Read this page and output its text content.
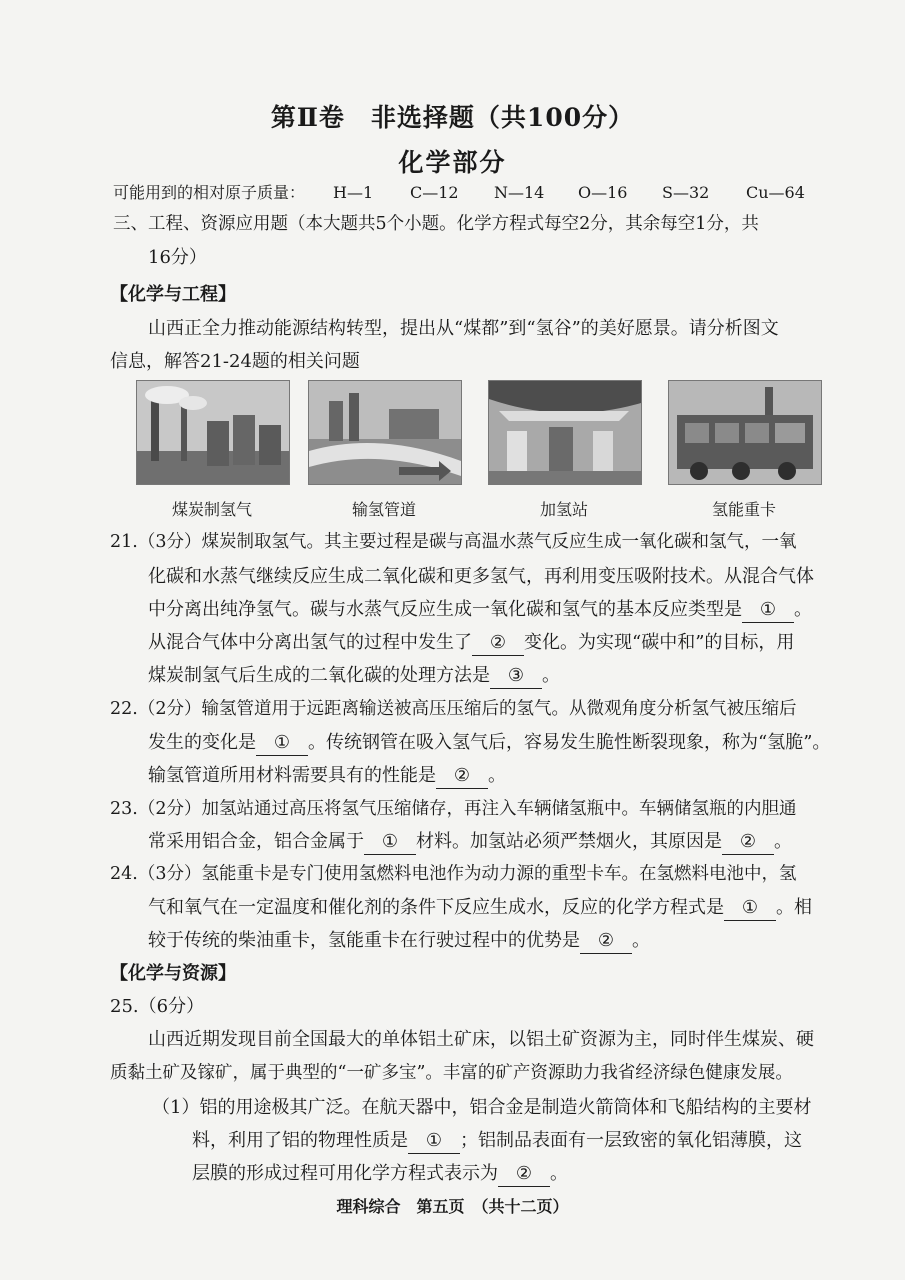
第Ⅱ卷　非选择题（共100分）
化学部分
可能用到的相对原子质量： H—1 C—12 N—14 O—16 S—32 Cu—64
三、工程、资源应用题（本大题共5个小题。化学方程式每空2分，其余每空1分，共
16分）
【化学与工程】
山西正全力推动能源结构转型，提出从“煤都”到“氢谷”的美好愿景。请分析图文
信息，解答21-24题的相关问题
煤炭制氢气	输氢管道	加氢站	氢能重卡
21.（3分）煤炭制取氢气。其主要过程是碳与高温水蒸气反应生成一氧化碳和氢气，一氧
化碳和水蒸气继续反应生成二氧化碳和更多氢气，再利用变压吸附技术。从混合气体
中分离出纯净氢气。碳与水蒸气反应生成一氧化碳和氢气的基本反应类型是 ① 。
从混合气体中分离出氢气的过程中发生了 ② 变化。为实现“碳中和”的目标，用
煤炭制氢气后生成的二氧化碳的处理方法是 ③ 。
22.（2分）输氢管道用于远距离输送被高压压缩后的氢气。从微观角度分析氢气被压缩后
发生的变化是 ① 。传统钢管在吸入氢气后，容易发生脆性断裂现象，称为“氢脆”。
输氢管道所用材料需要具有的性能是 ② 。
23.（2分）加氢站通过高压将氢气压缩储存，再注入车辆储氢瓶中。车辆储氢瓶的内胆通
常采用铝合金，铝合金属于 ① 材料。加氢站必须严禁烟火，其原因是 ② 。
24.（3分）氢能重卡是专门使用氢燃料电池作为动力源的重型卡车。在氢燃料电池中，氢
气和氧气在一定温度和催化剂的条件下反应生成水，反应的化学方程式是 ① 。相
较于传统的柴油重卡，氢能重卡在行驶过程中的优势是 ② 。
【化学与资源】
25.（6分）
山西近期发现目前全国最大的单体铝土矿床，以铝土矿资源为主，同时伴生煤炭、硬
质黏土矿及镓矿，属于典型的“一矿多宝”。丰富的矿产资源助力我省经济绿色健康发展。
（1）铝的用途极其广泛。在航天器中，铝合金是制造火箭筒体和飞船结构的主要材
料，利用了铝的物理性质是 ① ；铝制品表面有一层致密的氧化铝薄膜，这
层膜的形成过程可用化学方程式表示为 ② 。
理科综合　第五页　（共十二页）
